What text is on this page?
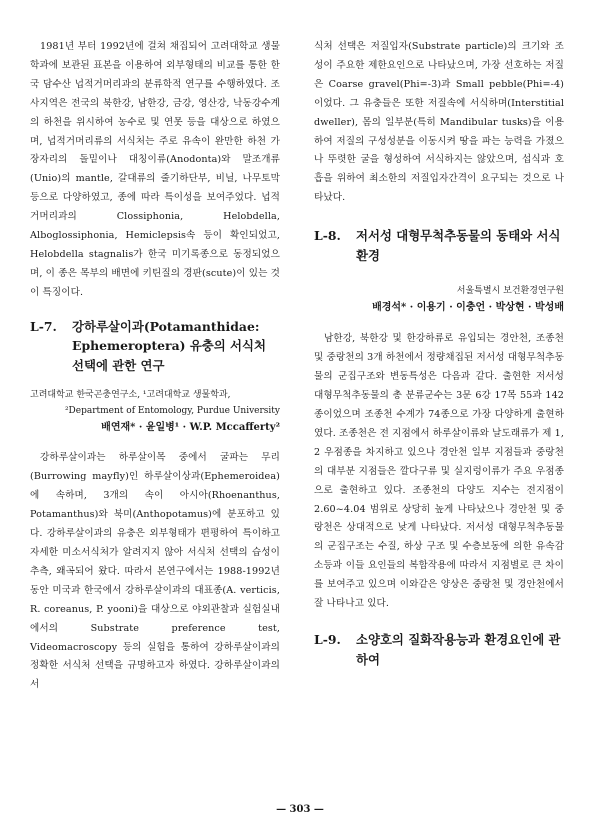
1981년 부터 1992년에 걸쳐 채집되어 고려대학교 생물학과에 보관된 표본을 이용하여 외부형태의 비교를 통한 한국 담수산 넙적거머리과의 분류학적 연구를 수행하였다. 조사지역은 전국의 북한강, 남한강, 금강, 영산강, 낙동강수계의 하천을 위시하여 농수로 및 연못 등을 대상으로 하였으며, 넙적거머리류의 서식처는 주로 유속이 완만한 하천 가장자리의 돌밑이나 대칭이류(Anodonta)와 말조개류(Unio)의 mantle, 갈대류의 줄기하단부, 비닐, 나무토막 등으로 다양하였고, 종에 따라 특이성을 보여주었다. 넙적거머리과의 Clossiphonia, Helobdella, Alboglossiphonia, Hemiclepsis속 등이 확인되었고, Helobdella stagnalis가 한국 미기록종으로 동정되었으며, 이 종은 목부의 배면에 키틴질의 경판(scute)이 있는 것이 특징이다.

L-7. 강하루살이과(Potamanthidae: Ephemeroptera) 유충의 서식처 선택에 관한 연구

고려대학교 한국곤충연구소, ¹고려대학교 생물학과,

²Department of Entomology, Purdue University

배연재* · 윤일병¹ · W.P. Mccafferty²

강하루살이과는 하루살이목 중에서 굴파는 무리(Burrowing mayfly)인 하루살이상과(Ephemeroidea)에 속하며, 3개의 속이 아시아(Rhoenanthus, Potamanthus)와 북미(Anthopotamus)에 분포하고 있다. 강하루살이과의 유충은 외부형태가 편평하여 특이하고 자세한 미소서식처가 알려지지 않아 서식처 선택의 습성이 추측, 왜곡되어 왔다. 따라서 본연구에서는 1988-1992년 동안 미국과 한국에서 강하루살이과의 대표종(A. verticis, R. coreanus, P. yooni)을 대상으로 야외관찰과 실험실내에서의 Substrate preference test, Videomacroscopy 등의 실험을 통하여 강하루살이과의 정확한 서식처 선택을 규명하고자 하였다. 강하루살이과의 서

식처 선택은 저질입자(Substrate particle)의 크기와 조성이 주요한 제한요인으로 나타났으며, 가장 선호하는 저질은 Coarse gravel(Phi=-3)과 Small pebble(Phi=-4)이었다. 그 유충들은 또한 저질속에 서식하며(Interstitial dweller), 몸의 일부분(특히 Mandibular tusks)을 이용하여 저질의 구성성분을 이동시켜 땅을 파는 능력을 가졌으나 뚜렷한 굴을 형성하여 서식하지는 않았으며, 섭식과 호흡을 위하여 최소한의 저질입자간격이 요구되는 것으로 나타났다.

L-8. 저서성 대형무척추동물의 동태와 서식환경

서울특별시 보건환경연구원

배경석* · 이용기 · 이충언 · 박상현 · 박성배

남한강, 북한강 및 한강하류로 유입되는 경안천, 조종천 및 중랑천의 3개 하천에서 정량채집된 저서성 대형무척추동물의 군집구조와 변동특성은 다음과 같다. 출현한 저서성 대형무척추동물의 총 분류군수는 3문 6강 17목 55과 142종이었으며 조종천 수계가 74종으로 가장 다양하게 출현하였다. 조종천은 전 지점에서 하루살이류와 날도래류가 제 1, 2 우점종을 차지하고 있으나 경안천 일부 지점들과 중랑천의 대부분 지점들은 깔다구류 및 실지렁이류가 주요 우점종으로 출현하고 있다. 조종천의 다양도 지수는 전지점이 2.60~4.04 범위로 상당히 높게 나타났으나 경안천 및 중랑천은 상대적으로 낮게 나타났다. 저서성 대형무척추동물의 군집구조는 수질, 하상 구조 및 수층보동에 의한 유속감소등과 이들 요인들의 복합작용에 따라서 지점별로 큰 차이를 보여주고 있으며 이와같은 양상은 중랑천 및 경안천에서 잘 나타나고 있다.

L-9. 소양호의 질화작용능과 환경요인에 관하여

— 303 —
